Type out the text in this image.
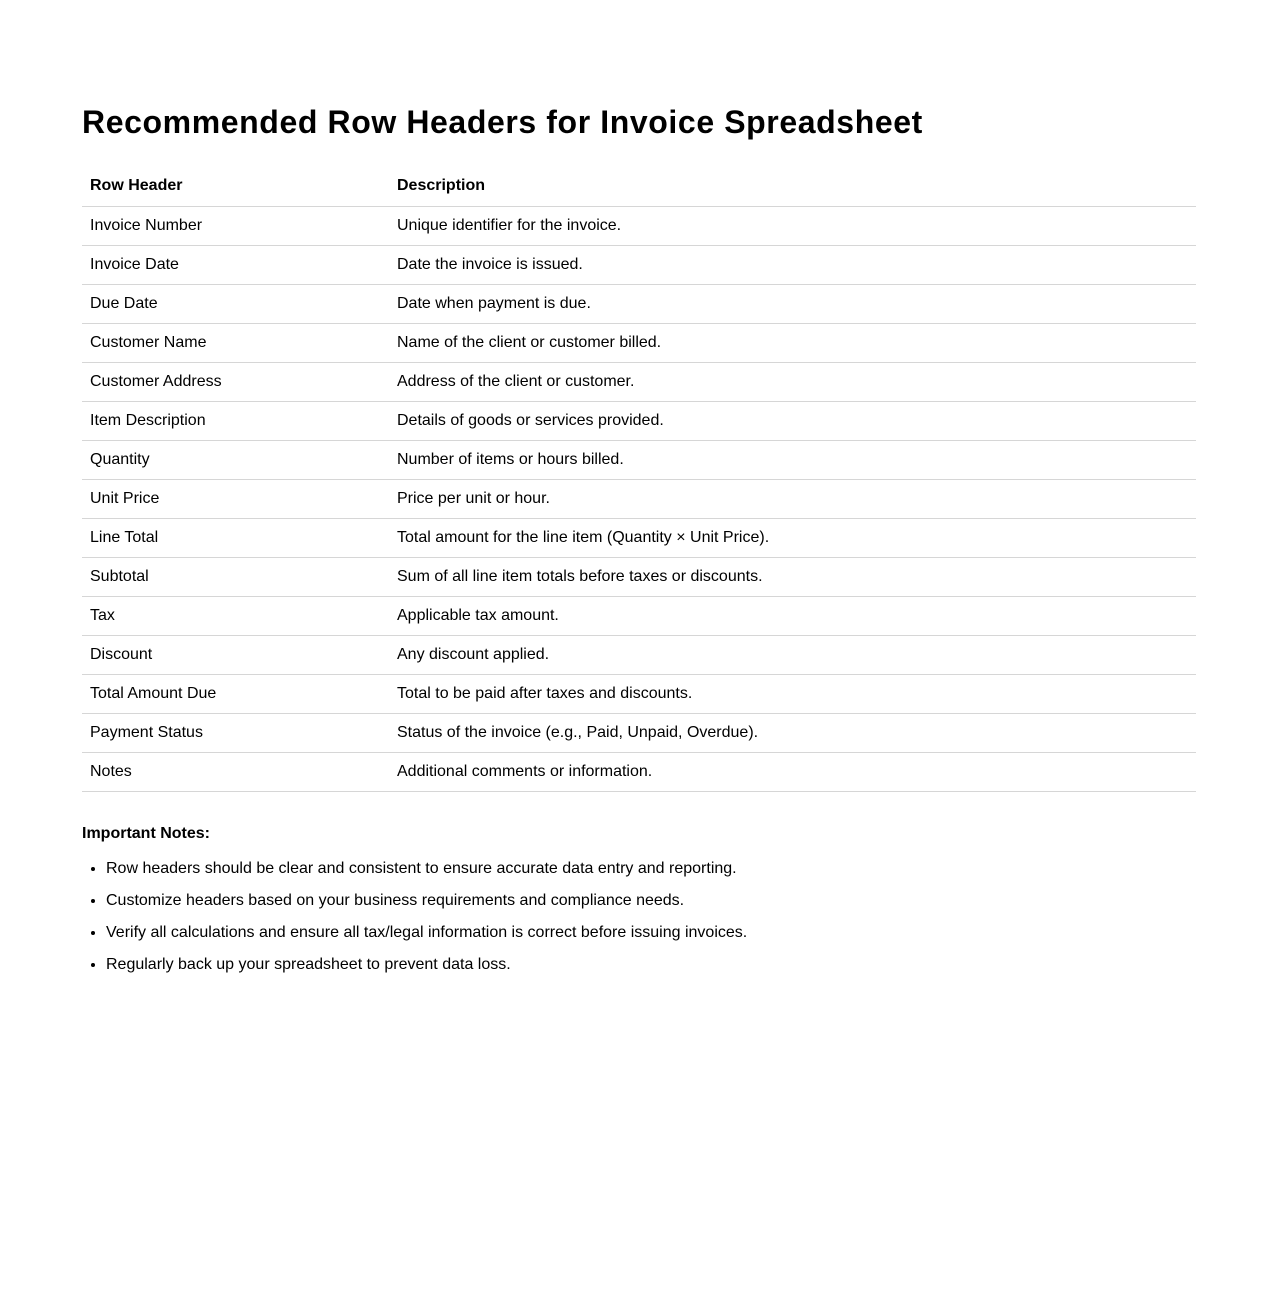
Recommended Row Headers for Invoice Spreadsheet
Row Header	Description
Invoice Number	Unique identifier for the invoice.
Invoice Date	Date the invoice is issued.
Due Date	Date when payment is due.
Customer Name	Name of the client or customer billed.
Customer Address	Address of the client or customer.
Item Description	Details of goods or services provided.
Quantity	Number of items or hours billed.
Unit Price	Price per unit or hour.
Line Total	Total amount for the line item (Quantity × Unit Price).
Subtotal	Sum of all line item totals before taxes or discounts.
Tax	Applicable tax amount.
Discount	Any discount applied.
Total Amount Due	Total to be paid after taxes and discounts.
Payment Status	Status of the invoice (e.g., Paid, Unpaid, Overdue).
Notes	Additional comments or information.
Important Notes:
• Row headers should be clear and consistent to ensure accurate data entry and reporting.
• Customize headers based on your business requirements and compliance needs.
• Verify all calculations and ensure all tax/legal information is correct before issuing invoices.
• Regularly back up your spreadsheet to prevent data loss.
